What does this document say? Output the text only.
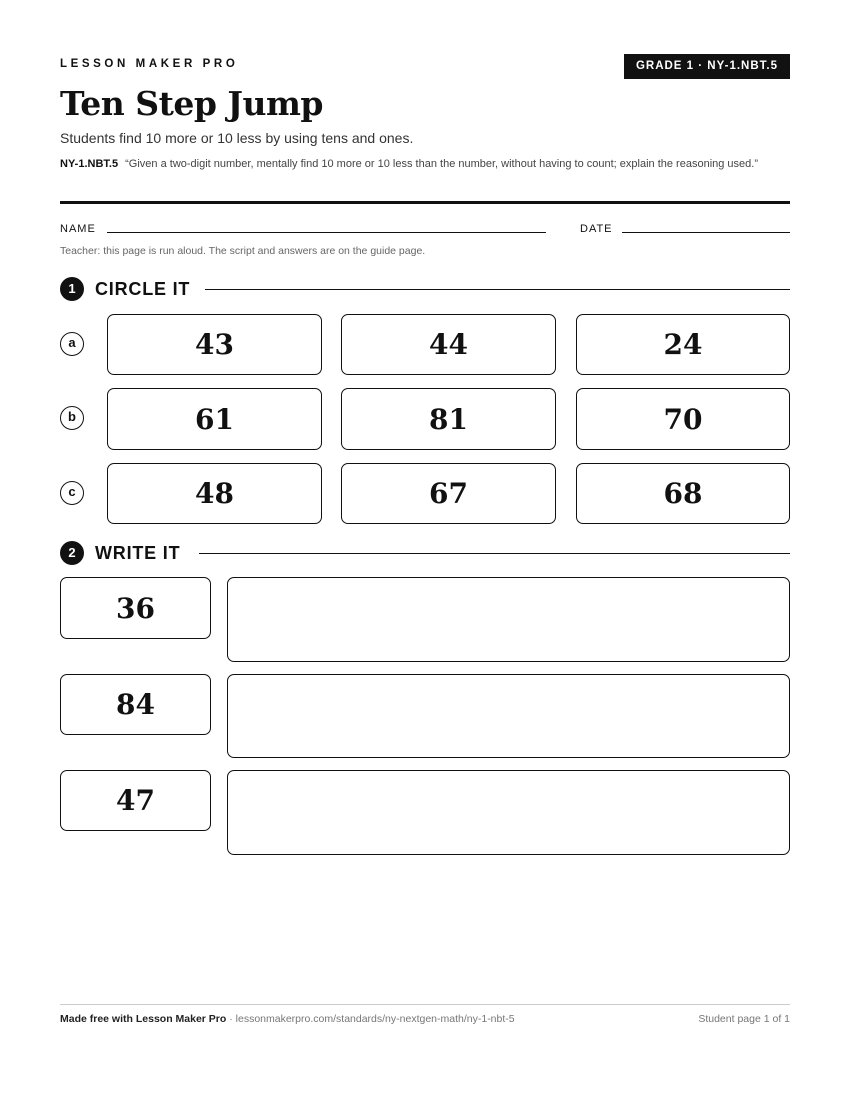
LESSON MAKER PRO	GRADE 1 · NY-1.NBT.5
Ten Step Jump
Students find 10 more or 10 less by using tens and ones.
NY-1.NBT.5 “Given a two-digit number, mentally find 10 more or 10 less than the number, without having to count; explain the reasoning used.”
NAME	DATE
Teacher: this page is run aloud. The script and answers are on the guide page.
1	CIRCLE IT
a	43	44	24
b	61	81	70
c	48	67	68
2	WRITE IT
36
84
47
Made free with Lesson Maker Pro · lessonmakerpro.com/standards/ny-nextgen-math/ny-1-nbt-5	Student page 1 of 1
